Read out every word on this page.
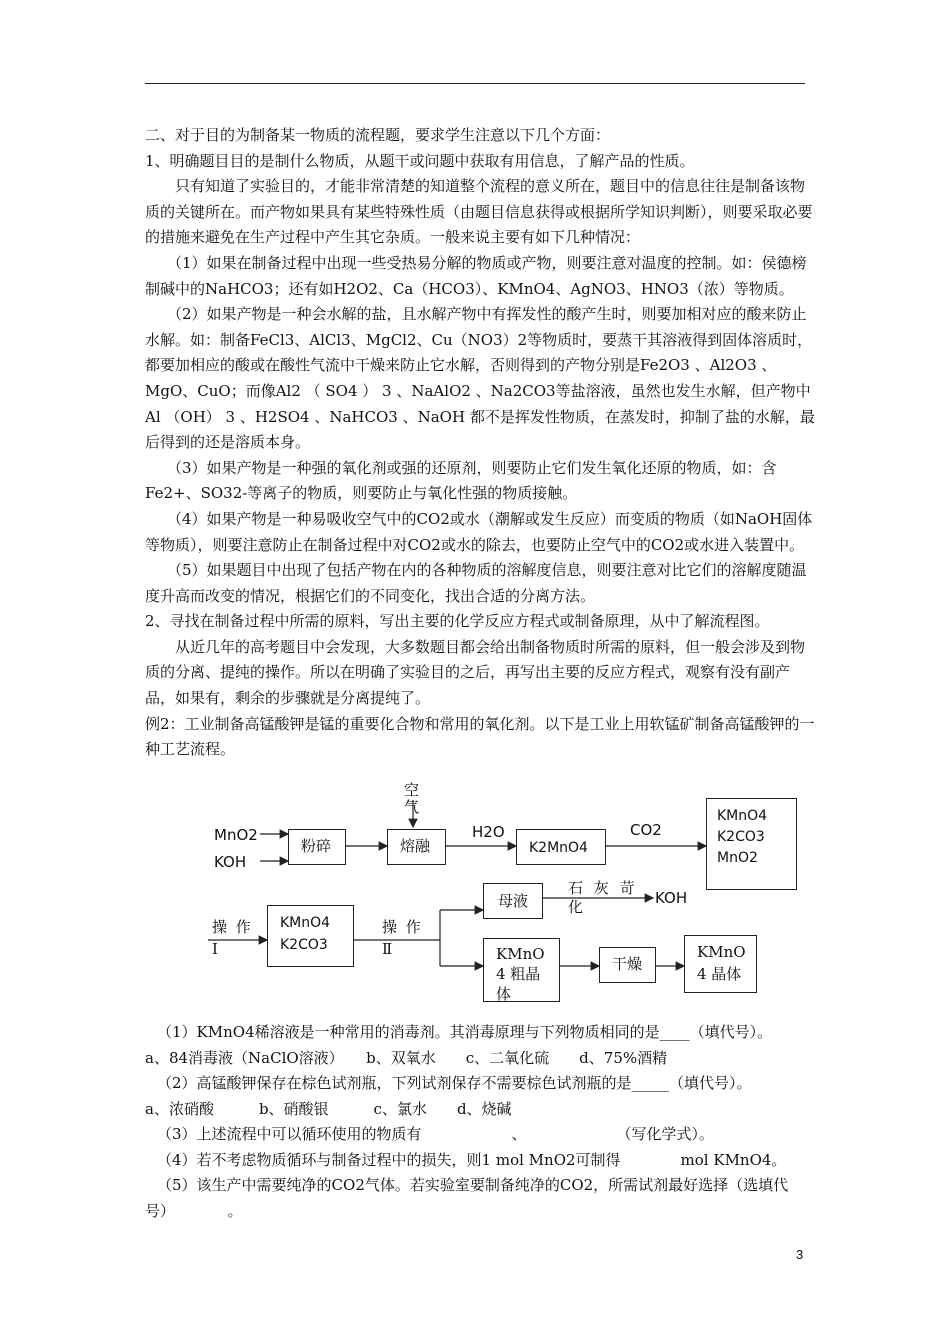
二、对于目的为制备某一物质的流程题，要求学生注意以下几个方面：

1、明确题目目的是制什么物质，从题干或问题中获取有用信息，了解产品的性质。

只有知道了实验目的，才能非常清楚的知道整个流程的意义所在，题目中的信息往往是制备该物质的关键所在。而产物如果具有某些特殊性质（由题目信息获得或根据所学知识判断），则要采取必要的措施来避免在生产过程中产生其它杂质。一般来说主要有如下几种情况：

（1）如果在制备过程中出现一些受热易分解的物质或产物，则要注意对温度的控制。如：侯德榜制碱中的NaHCO3；还有如H2O2、Ca（HCO3）、KMnO4、AgNO3、HNO3（浓）等物质。

（2）如果产物是一种会水解的盐，且水解产物中有挥发性的酸产生时，则要加相对应的酸来防止水解。如：制备FeCl3、AlCl3、MgCl2、Cu（NO3）2等物质时，要蒸干其溶液得到固体溶质时，都要加相应的酸或在酸性气流中干燥来防止它水解，否则得到的产物分别是Fe2O3 、Al2O3 、MgO、CuO；而像Al2 （ SO4 ） 3 、NaAlO2 、Na2CO3等盐溶液，虽然也发生水解，但产物中Al （OH） 3 、H2SO4 、NaHCO3 、NaOH 都不是挥发性物质，在蒸发时，抑制了盐的水解，最后得到的还是溶质本身。

（3）如果产物是一种强的氧化剂或强的还原剂，则要防止它们发生氧化还原的物质，如：含Fe2+、SO32-等离子的物质，则要防止与氧化性强的物质接触。

（4）如果产物是一种易吸收空气中的CO2或水（潮解或发生反应）而变质的物质（如NaOH固体等物质），则要注意防止在制备过程中对CO2或水的除去，也要防止空气中的CO2或水进入装置中。

（5）如果题目中出现了包括产物在内的各种物质的溶解度信息，则要注意对比它们的溶解度随温度升高而改变的情况，根据它们的不同变化，找出合适的分离方法。

2、寻找在制备过程中所需的原料，写出主要的化学反应方程式或制备原理，从中了解流程图。

从近几年的高考题目中会发现，大多数题目都会给出制备物质时所需的原料，但一般会涉及到物质的分离、提纯的操作。所以在明确了实验目的之后，再写出主要的反应方程式，观察有没有副产品，如果有，剩余的步骤就是分离提纯了。

例2：工业制备高锰酸钾是锰的重要化合物和常用的氧化剂。以下是工业上用软锰矿制备高锰酸钾的一种工艺流程。

MnO2
KOH
空气
粉碎	熔融
H2O
K2MnO4
CO2
KMnO4 K2CO3 MnO2
操 作 Ⅰ
KMnO4 K2CO3
操 作 Ⅱ
母液
石 灰 苛 化	KOH
KMnO 4 粗晶体
干燥
KMnO 4 晶体

（1）KMnO4稀溶液是一种常用的消毒剂。其消毒原理与下列物质相同的是____（填代号）。

a、84消毒液（NaClO溶液）　　b、双氧水　　c、二氧化硫　　d、75%酒精

（2）高锰酸钾保存在棕色试剂瓶，下列试剂保存不需要棕色试剂瓶的是_____（填代号）。

a、浓硝酸　　　b、硝酸银　　　c、氯水　　d、烧碱

（3）上述流程中可以循环使用的物质有　　　　　　、　　　　　　　（写化学式）。

（4）若不考虑物质循环与制备过程中的损失，则1 mol MnO2可制得　　　　mol KMnO4。

（5）该生产中需要纯净的CO2气体。若实验室要制备纯净的CO2，所需试剂最好选择（选填代号）　　　　。

3
